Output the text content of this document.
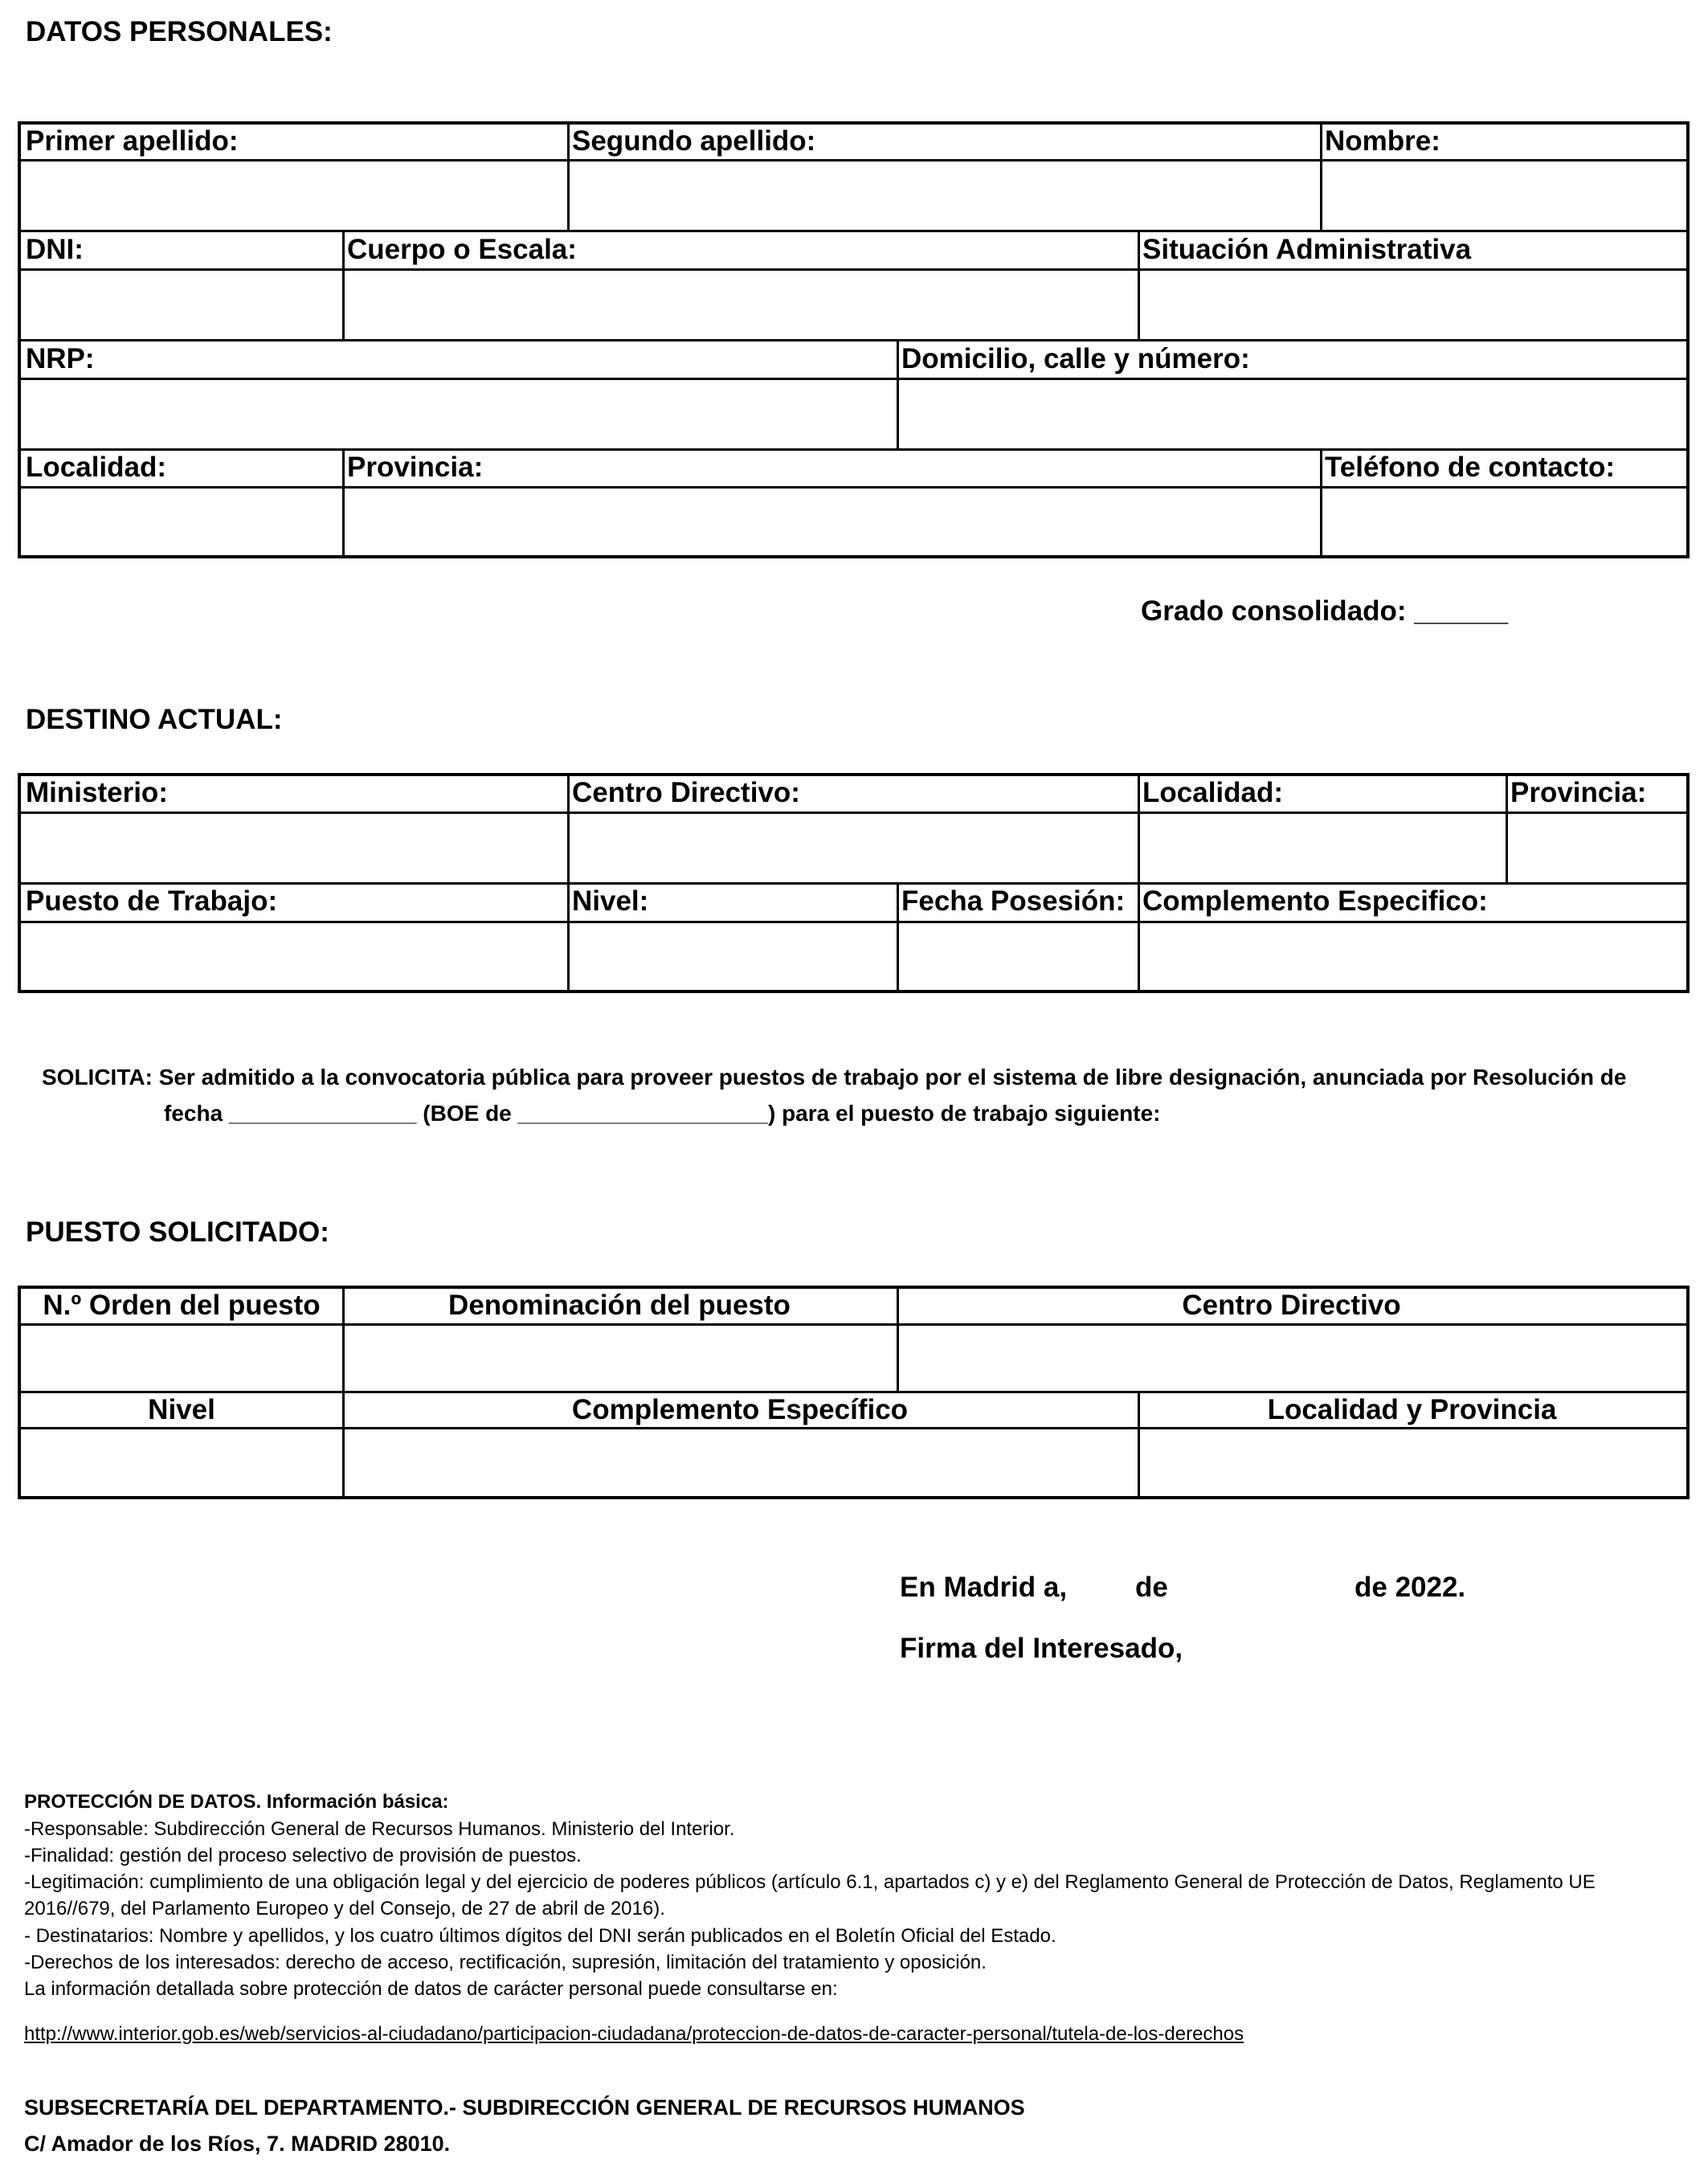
DATOS PERSONALES:
Primer apellido:	Segundo apellido:	Nombre:
DNI:	Cuerpo o Escala:	Situación Administrativa
NRP:	Domicilio, calle y número:
Localidad:	Provincia:	Teléfono de contacto:
Grado consolidado: ______
DESTINO ACTUAL:
Ministerio:	Centro Directivo:	Localidad:	Provincia:
Puesto de Trabajo:	Nivel:	Fecha Posesión: Complemento Especifico:
SOLICITA: Ser admitido a la convocatoria pública para proveer puestos de trabajo por el sistema de libre designación, anunciada por Resolución de
fecha _______________ (BOE de ____________________) para el puesto de trabajo siguiente:
PUESTO SOLICITADO:
N.º Orden del puesto	Denominación del puesto	Centro Directivo
Nivel	Complemento Específico	Localidad y Provincia
En Madrid a, de	de 2022.
Firma del Interesado,
PROTECCIÓN DE DATOS. Información básica:
-Responsable: Subdirección General de Recursos Humanos. Ministerio del Interior.
-Finalidad: gestión del proceso selectivo de provisión de puestos.
-Legitimación: cumplimiento de una obligación legal y del ejercicio de poderes públicos (artículo 6.1, apartados c) y e) del Reglamento General de Protección de Datos, Reglamento UE
2016//679, del Parlamento Europeo y del Consejo, de 27 de abril de 2016).
- Destinatarios: Nombre y apellidos, y los cuatro últimos dígitos del DNI serán publicados en el Boletín Oficial del Estado.
-Derechos de los interesados: derecho de acceso, rectificación, supresión, limitación del tratamiento y oposición.
La información detallada sobre protección de datos de carácter personal puede consultarse en:
http://www.interior.gob.es/web/servicios-al-ciudadano/participacion-ciudadana/proteccion-de-datos-de-caracter-personal/tutela-de-los-derechos
SUBSECRETARÍA DEL DEPARTAMENTO.- SUBDIRECCIÓN GENERAL DE RECURSOS HUMANOS
C/ Amador de los Ríos, 7. MADRID 28010.
